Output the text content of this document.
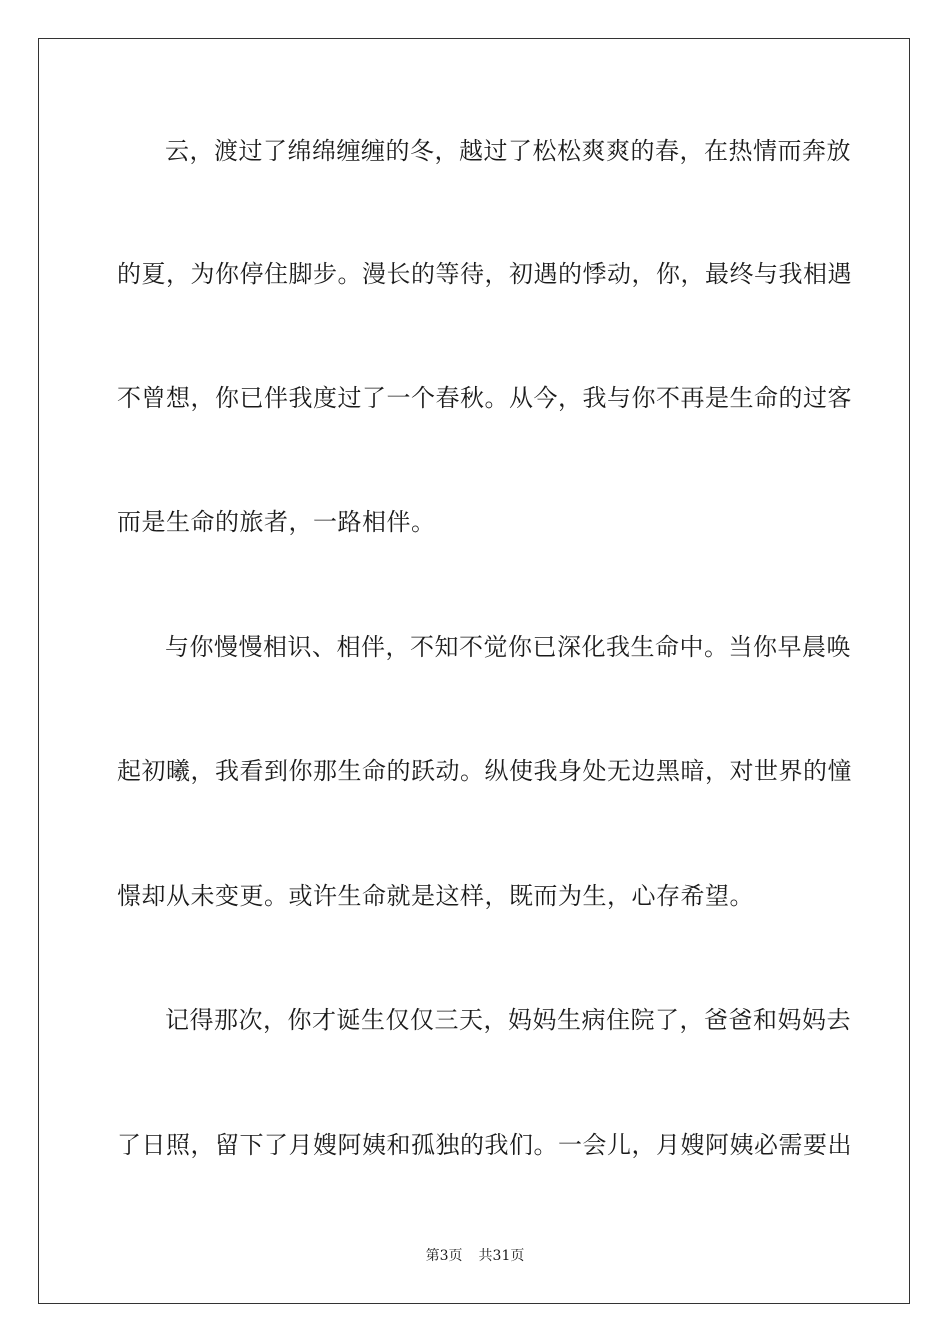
云，渡过了绵绵缠缠的冬，越过了松松爽爽的春，在热情而奔放
的夏，为你停住脚步。漫长的等待，初遇的悸动，你，最终与我相遇
不曾想，你已伴我度过了一个春秋。从今，我与你不再是生命的过客
而是生命的旅者，一路相伴。
与你慢慢相识、相伴，不知不觉你已深化我生命中。当你早晨唤
起初曦，我看到你那生命的跃动。纵使我身处无边黑暗，对世界的憧
憬却从未变更。或许生命就是这样，既而为生，心存希望。
记得那次，你才诞生仅仅三天，妈妈生病住院了，爸爸和妈妈去
了日照，留下了月嫂阿姨和孤独的我们。一会儿，月嫂阿姨必需要出
第3页 共31页
